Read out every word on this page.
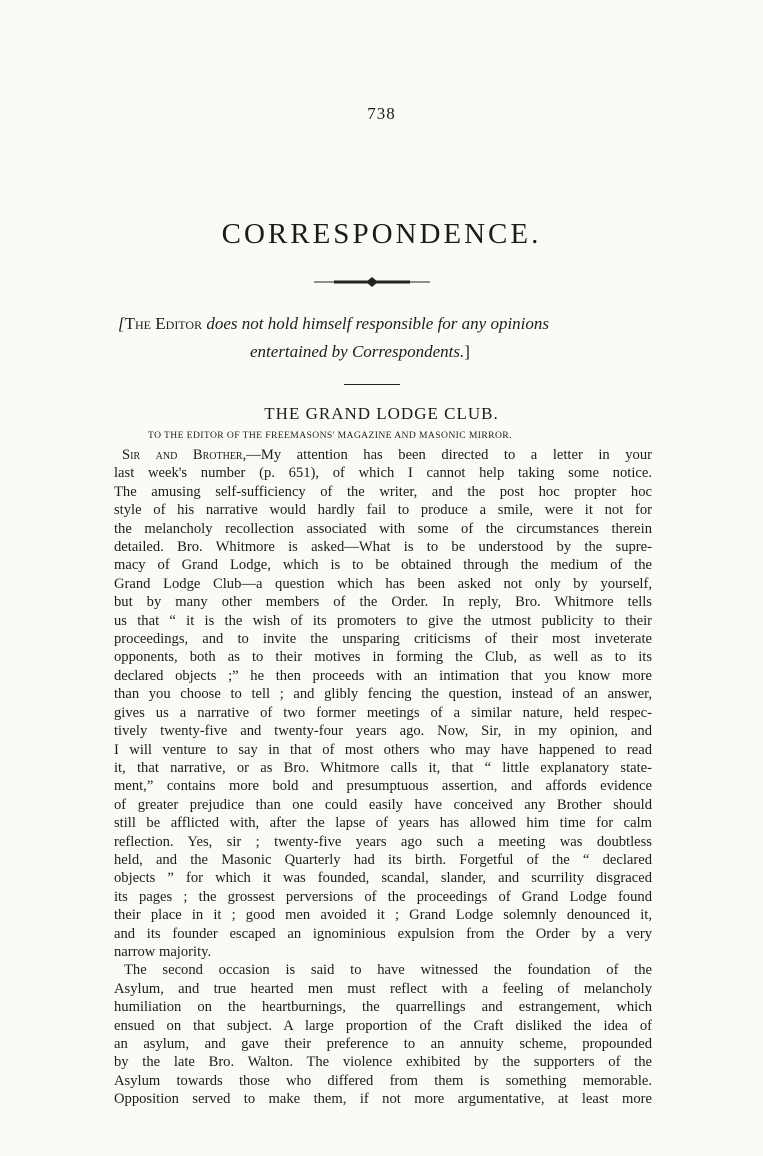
738
CORRESPONDENCE.
[The Editor does not hold himself responsible for any opinions
entertained by Correspondents.]
THE GRAND LODGE CLUB.
TO THE EDITOR OF THE FREEMASONS' MAGAZINE AND MASONIC MIRROR.
Sir and Brother,—My attention has been directed to a letter in your
last week's number (p. 651), of which I cannot help taking some notice.
The amusing self-sufficiency of the writer, and the post hoc propter hoc
style of his narrative would hardly fail to produce a smile, were it not for
the melancholy recollection associated with some of the circumstances therein
detailed. Bro. Whitmore is asked—What is to be understood by the supre-
macy of Grand Lodge, which is to be obtained through the medium of the
Grand Lodge Club—a question which has been asked not only by yourself,
but by many other members of the Order. In reply, Bro. Whitmore tells
us that “ it is the wish of its promoters to give the utmost publicity to their
proceedings, and to invite the unsparing criticisms of their most inveterate
opponents, both as to their motives in forming the Club, as well as to its
declared objects ;” he then proceeds with an intimation that you know more
than you choose to tell ; and glibly fencing the question, instead of an answer,
gives us a narrative of two former meetings of a similar nature, held respec-
tively twenty-five and twenty-four years ago. Now, Sir, in my opinion, and
I will venture to say in that of most others who may have happened to read
it, that narrative, or as Bro. Whitmore calls it, that “ little explanatory state-
ment,” contains more bold and presumptuous assertion, and affords evidence
of greater prejudice than one could easily have conceived any Brother should
still be afflicted with, after the lapse of years has allowed him time for calm
reflection. Yes, sir ; twenty-five years ago such a meeting was doubtless
held, and the Masonic Quarterly had its birth. Forgetful of the “ declared
objects ” for which it was founded, scandal, slander, and scurrility disgraced
its pages ; the grossest perversions of the proceedings of Grand Lodge found
their place in it ; good men avoided it ; Grand Lodge solemnly denounced it,
and its founder escaped an ignominious expulsion from the Order by a very
narrow majority.
The second occasion is said to have witnessed the foundation of the
Asylum, and true hearted men must reflect with a feeling of melancholy
humiliation on the heartburnings, the quarrellings and estrangement, which
ensued on that subject. A large proportion of the Craft disliked the idea of
an asylum, and gave their preference to an annuity scheme, propounded
by the late Bro. Walton. The violence exhibited by the supporters of the
Asylum towards those who differed from them is something memorable.
Opposition served to make them, if not more argumentative, at least more
